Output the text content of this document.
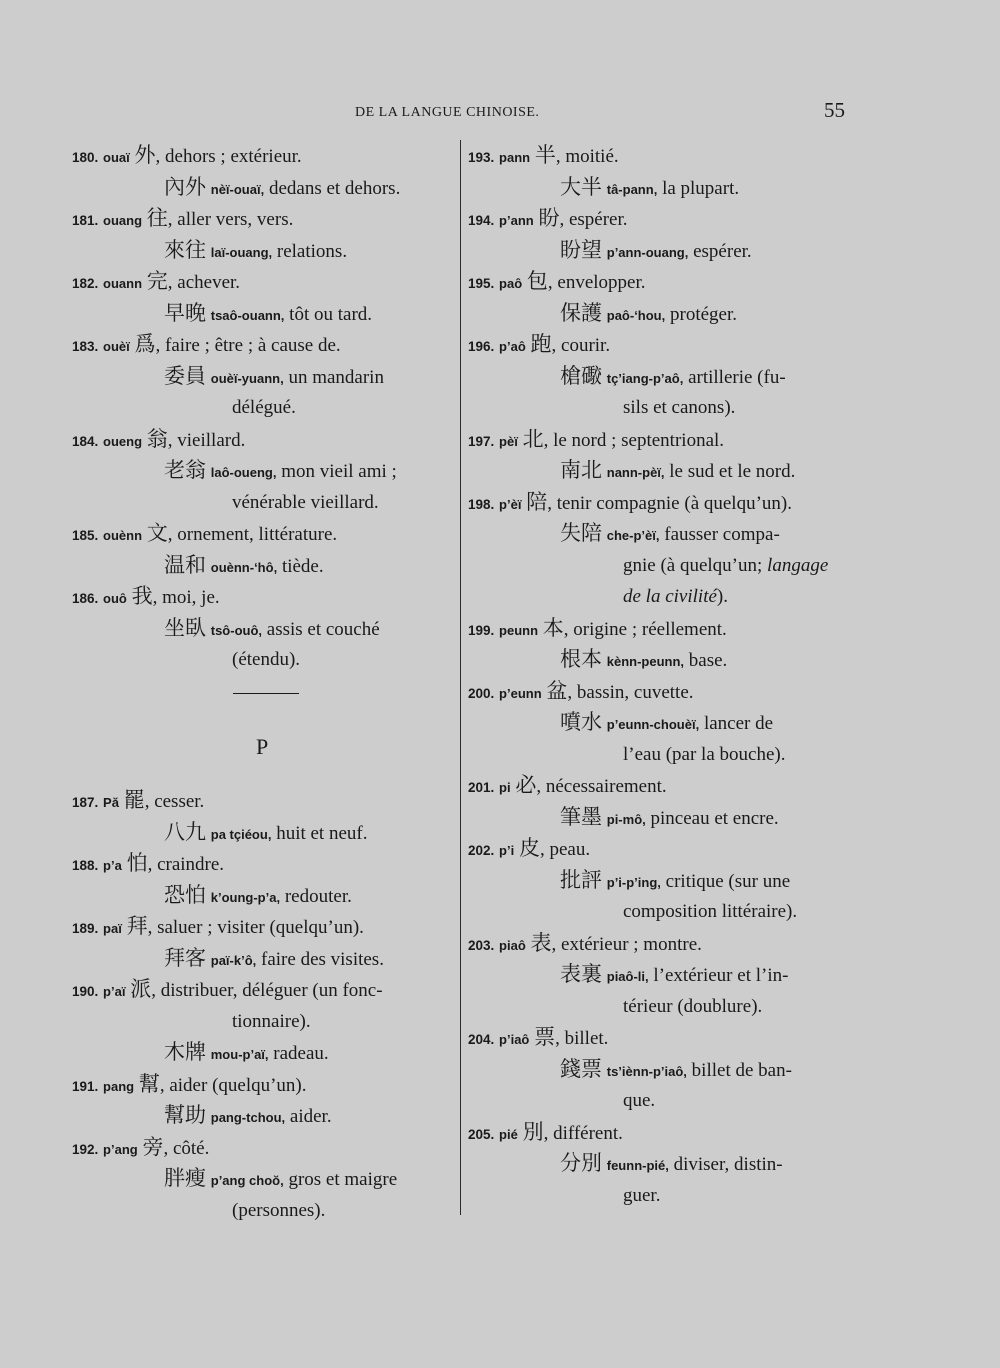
DE LA LANGUE CHINOISE.	55
180. ouaï 外, dehors ; extérieur.
內外 nèï-ouaï, dedans et dehors.
181. ouang 往, aller vers, vers.
來往 laï-ouang, relations.
182. ouann 完, achever.
早晚 tsaô-ouann, tôt ou tard.
183. ouèï 爲, faire ; être ; à cause de.
委員 ouèï-yuann, un mandarin
délégué.
184. oueng 翁, vieillard.
老翁 laô-oueng, mon vieil ami ;
vénérable vieillard.
185. ouènn 文, ornement, littérature.
温和 ouènn-‘hô, tiède.
186. ouô 我, moi, je.
坐臥 tsô-ouô, assis et couché
(étendu).
P
187. Pă 罷, cesser.
八九 pa tçiéou, huit et neuf.
188. p’a 怕, craindre.
恐怕 k’oung-p’a, redouter.
189. paï 拜, saluer ; visiter (quelqu’un).
拜客 paï-k’ô, faire des visites.
190. p’aï 派, distribuer, déléguer (un fonc-
tionnaire).
木牌 mou-p’aï, radeau.
191. pang 幫, aider (quelqu’un).
幫助 pang-tchou, aider.
192. p’ang 旁, côté.
胖瘦 p’ang choŏ, gros et maigre
(personnes).
193. pann 半, moitié.
大半 tâ-pann, la plupart.
194. p’ann 盼, espérer.
盼望 p’ann-ouang, espérer.
195. paô 包, envelopper.
保護 paô-‘hou, protéger.
196. p’aô 跑, courir.
槍礮 tç’iang-p’aô, artillerie (fu-
sils et canons).
197. pèï 北, le nord ; septentrional.
南北 nann-pèï, le sud et le nord.
198. p’èï 陪, tenir compagnie (à quelqu’un).
失陪 che-p’èï, fausser compa-
gnie (à quelqu’un; langage
de la civilité).
199. peunn 本, origine ; réellement.
根本 kènn-peunn, base.
200. p’eunn 盆, bassin, cuvette.
噴水 p’eunn-chouèï, lancer de
l’eau (par la bouche).
201. pi 必, nécessairement.
筆墨 pi-mô, pinceau et encre.
202. p’i 皮, peau.
批評 p’i-p’ing, critique (sur une
composition littéraire).
203. piaô 表, extérieur ; montre.
表裏 piaô-li, l’extérieur et l’in-
térieur (doublure).
204. p’iaô 票, billet.
錢票 ts’iènn-p’iaô, billet de ban-
que.
205. pié 別, différent.
分別 feunn-pié, diviser, distin-
guer.
